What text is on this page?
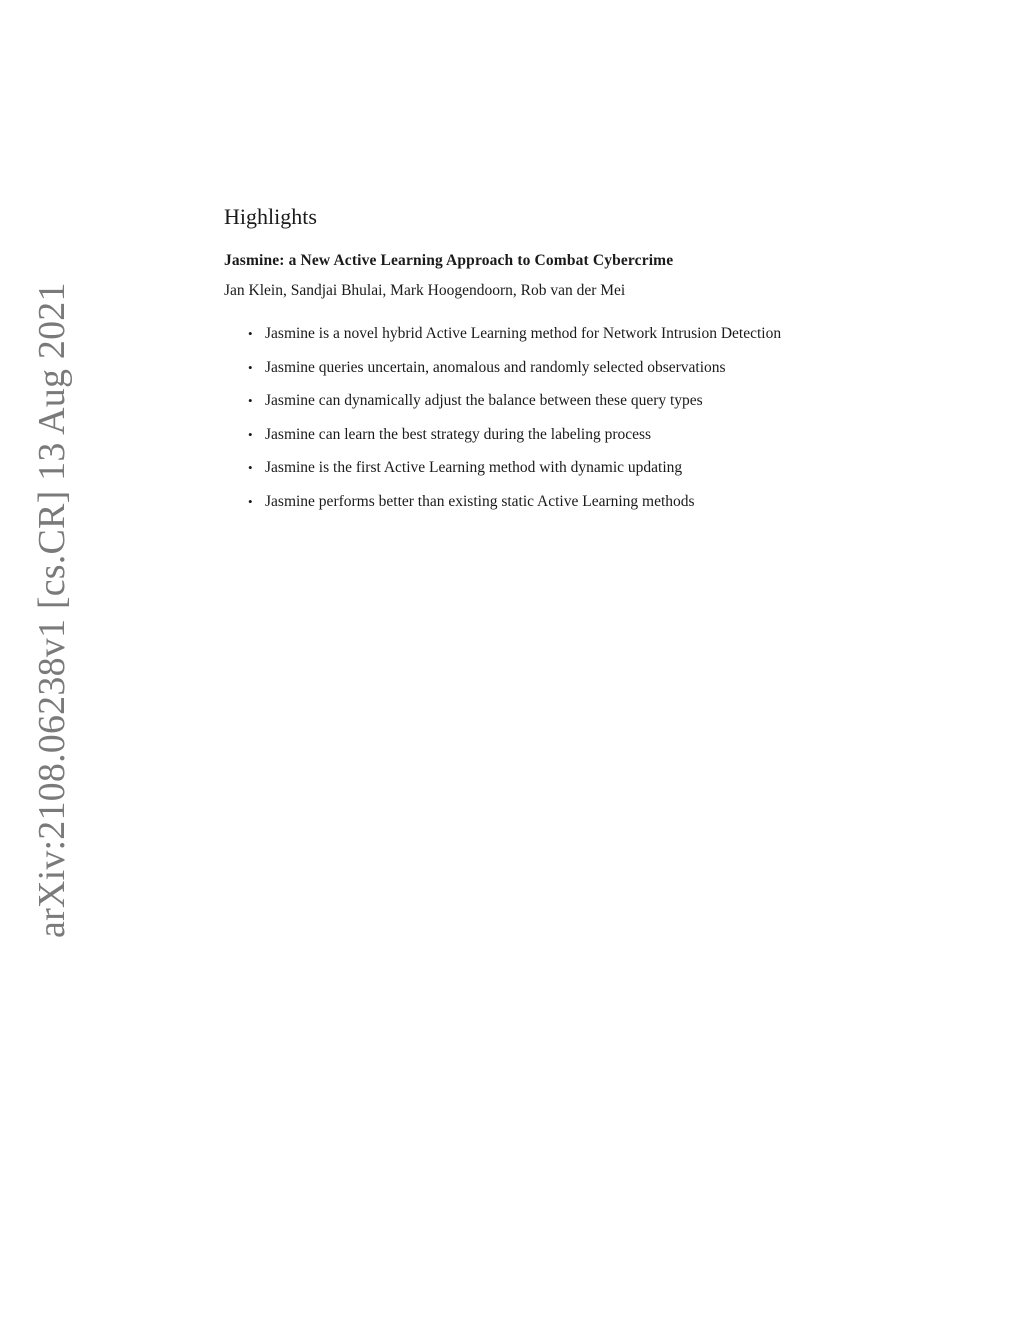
arXiv:2108.06238v1 [cs.CR] 13 Aug 2021
Highlights
Jasmine: a New Active Learning Approach to Combat Cybercrime
Jan Klein, Sandjai Bhulai, Mark Hoogendoorn, Rob van der Mei
• Jasmine is a novel hybrid Active Learning method for Network Intrusion Detection
• Jasmine queries uncertain, anomalous and randomly selected observations
• Jasmine can dynamically adjust the balance between these query types
• Jasmine can learn the best strategy during the labeling process
• Jasmine is the first Active Learning method with dynamic updating
• Jasmine performs better than existing static Active Learning methods
